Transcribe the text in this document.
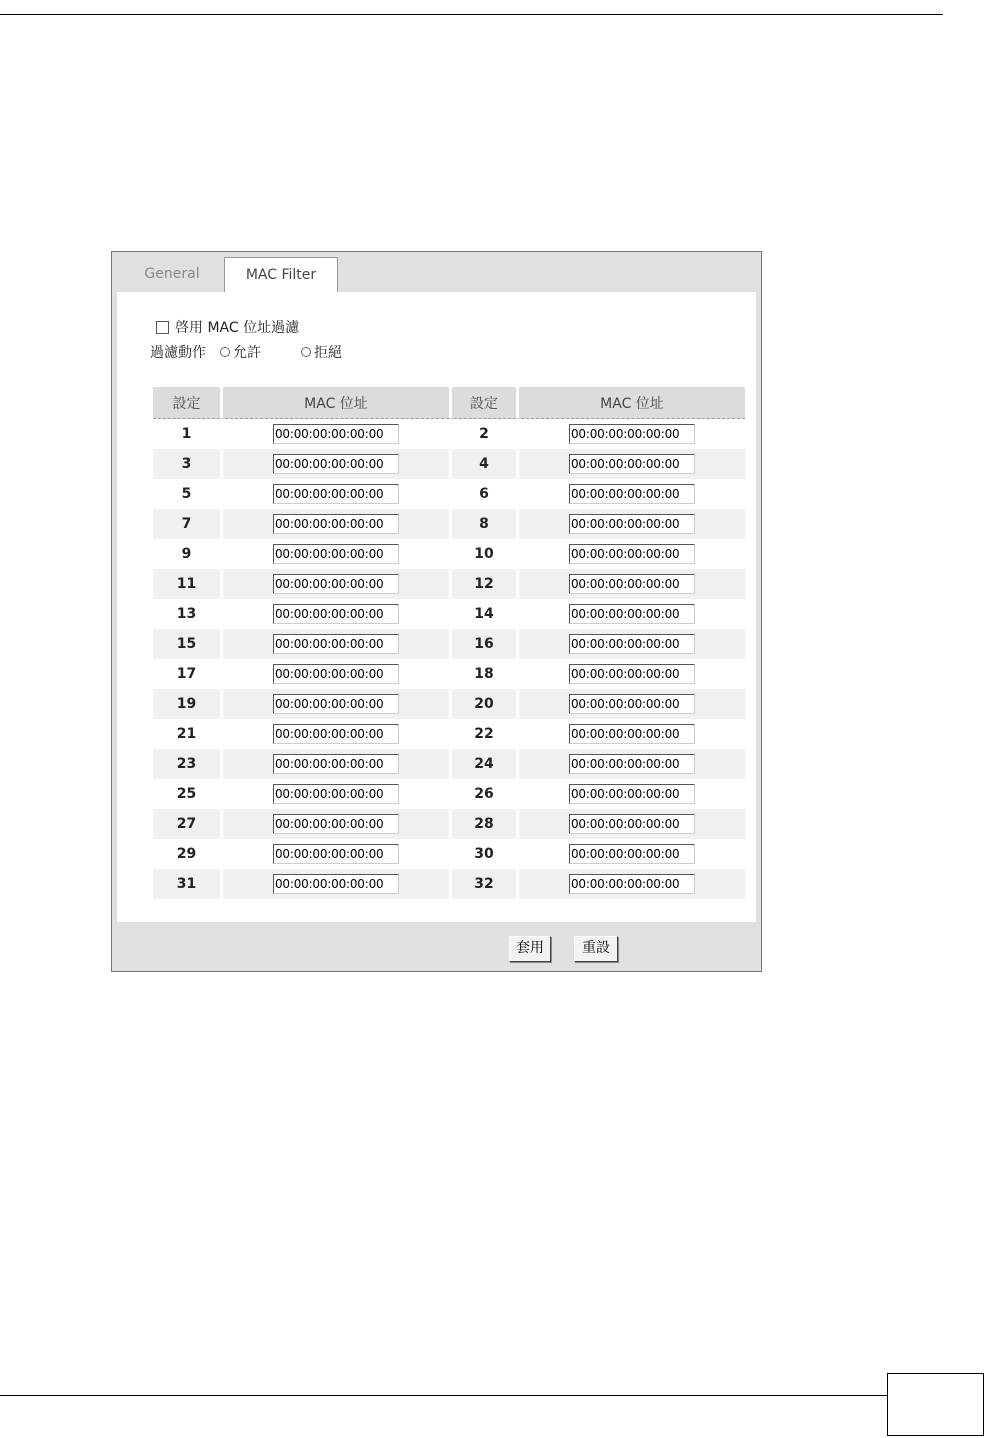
General	MAC Filter
啓用 MAC 位址過濾
過濾動作 允許	拒絕
設定	MAC 位址	設定	MAC 位址
1	00:00:00:00:00:00	2	00:00:00:00:00:00
3	00:00:00:00:00:00	4	00:00:00:00:00:00
5	00:00:00:00:00:00	6	00:00:00:00:00:00
7	00:00:00:00:00:00	8	00:00:00:00:00:00
9	00:00:00:00:00:00	10	00:00:00:00:00:00
11	00:00:00:00:00:00	12	00:00:00:00:00:00
13	00:00:00:00:00:00	14	00:00:00:00:00:00
15	00:00:00:00:00:00	16	00:00:00:00:00:00
17	00:00:00:00:00:00	18	00:00:00:00:00:00
19	00:00:00:00:00:00	20	00:00:00:00:00:00
21	00:00:00:00:00:00	22	00:00:00:00:00:00
23	00:00:00:00:00:00	24	00:00:00:00:00:00
25	00:00:00:00:00:00	26	00:00:00:00:00:00
27	00:00:00:00:00:00	28	00:00:00:00:00:00
29	00:00:00:00:00:00	30	00:00:00:00:00:00
31	00:00:00:00:00:00	32	00:00:00:00:00:00
套用	重設
